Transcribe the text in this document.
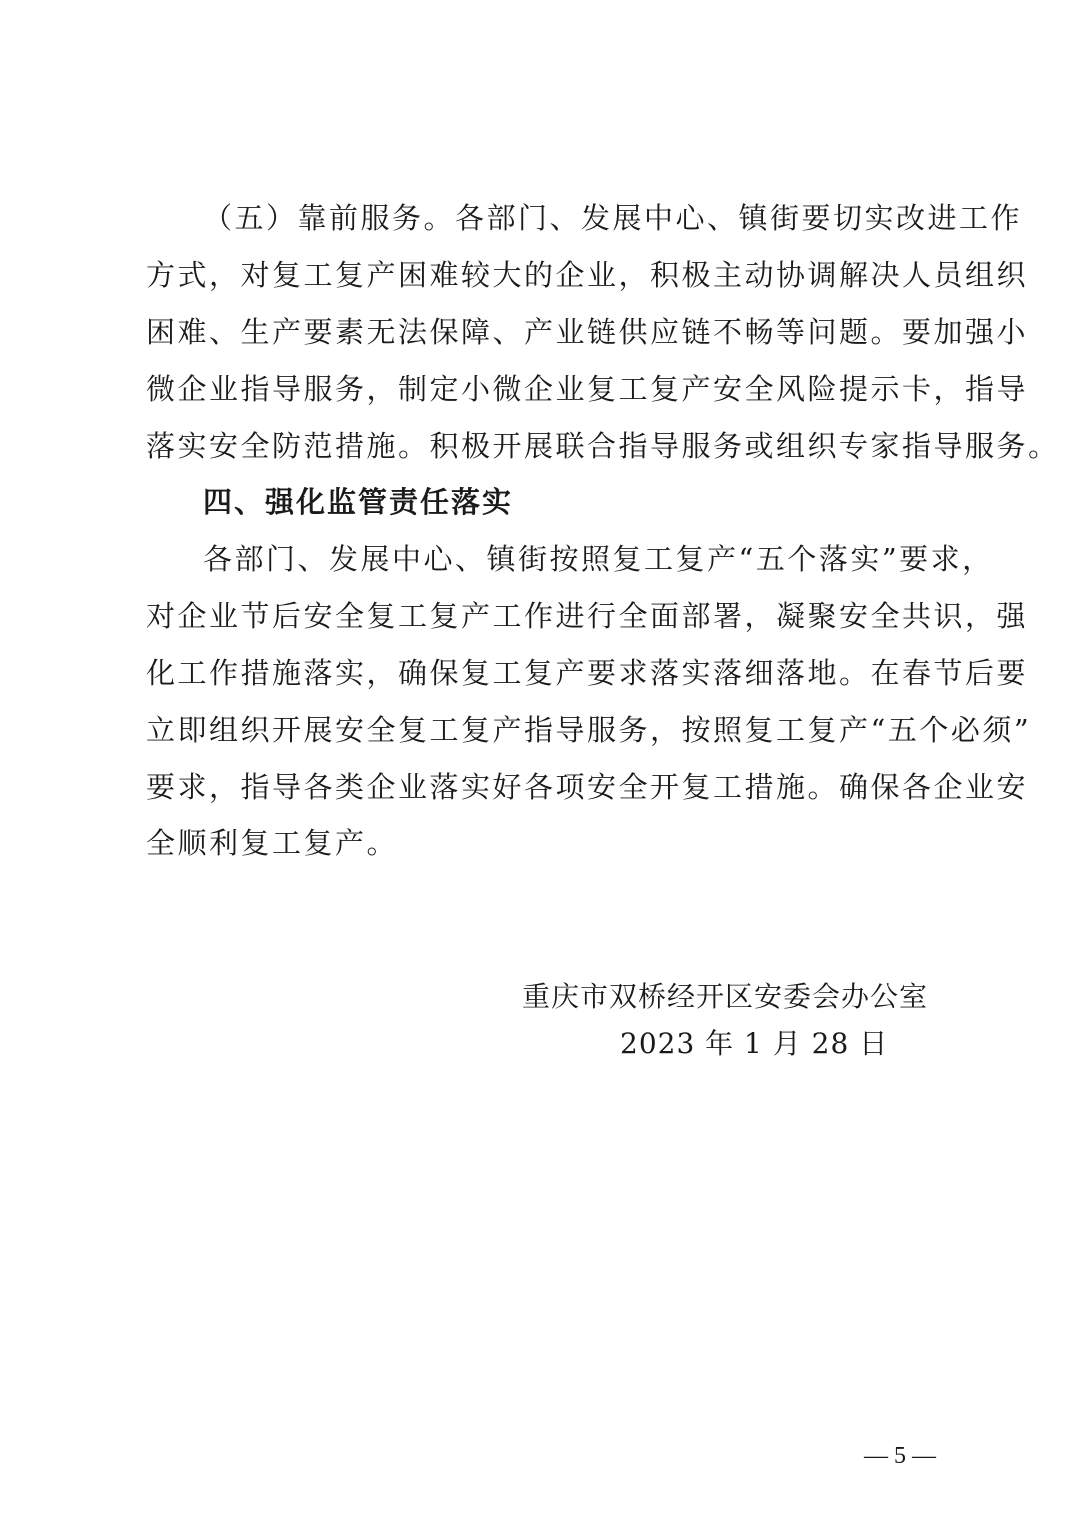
（五）靠前服务。各部门、发展中心、镇街要切实改进工作
方式，对复工复产困难较大的企业，积极主动协调解决人员组织
困难、生产要素无法保障、产业链供应链不畅等问题。要加强小
微企业指导服务，制定小微企业复工复产安全风险提示卡，指导
落实安全防范措施。积极开展联合指导服务或组织专家指导服务。
四、强化监管责任落实
各部门、发展中心、镇街按照复工复产“五个落实”要求，
对企业节后安全复工复产工作进行全面部署，凝聚安全共识，强
化工作措施落实，确保复工复产要求落实落细落地。在春节后要
立即组织开展安全复工复产指导服务，按照复工复产“五个必须”
要求，指导各类企业落实好各项安全开复工措施。确保各企业安
全顺利复工复产。
重庆市双桥经开区安委会办公室
2023 年 1 月 28 日
— 5 —
